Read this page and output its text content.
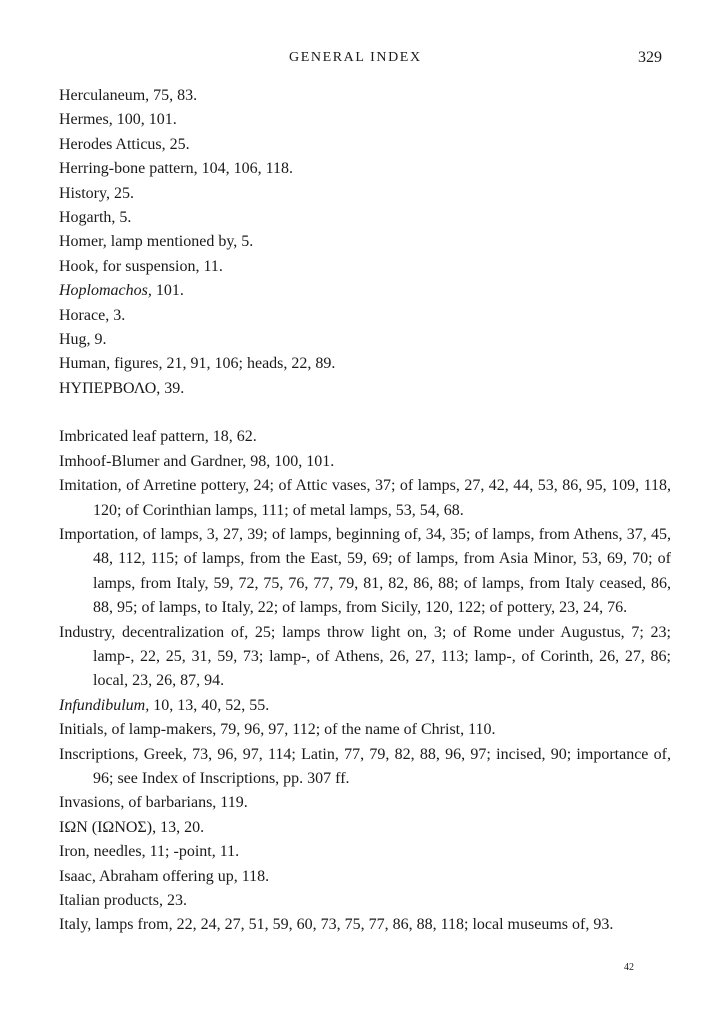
GENERAL INDEX	329

Herculaneum, 75, 83.

Hermes, 100, 101.

Herodes Atticus, 25.

Herring-bone pattern, 104, 106, 118.

History, 25.

Hogarth, 5.

Homer, lamp mentioned by, 5.

Hook, for suspension, 11.

Hoplomachos, 101.

Horace, 3.

Hug, 9.

Human, figures, 21, 91, 106; heads, 22, 89.

ΗΥΠΕΡΒΟΛΟ, 39.

Imbricated leaf pattern, 18, 62.

Imhoof-Blumer and Gardner, 98, 100, 101.

Imitation, of Arretine pottery, 24; of Attic vases, 37; of lamps, 27, 42, 44, 53, 86, 95, 109, 118, 120; of Corinthian lamps, 111; of metal lamps, 53, 54, 68.

Importation, of lamps, 3, 27, 39; of lamps, beginning of, 34, 35; of lamps, from Athens, 37, 45, 48, 112, 115; of lamps, from the East, 59, 69; of lamps, from Asia Minor, 53, 69, 70; of lamps, from Italy, 59, 72, 75, 76, 77, 79, 81, 82, 86, 88; of lamps, from Italy ceased, 86, 88, 95; of lamps, to Italy, 22; of lamps, from Sicily, 120, 122; of pottery, 23, 24, 76.

Industry, decentralization of, 25; lamps throw light on, 3; of Rome under Augustus, 7; 23; lamp-, 22, 25, 31, 59, 73; lamp-, of Athens, 26, 27, 113; lamp-, of Corinth, 26, 27, 86; local, 23, 26, 87, 94.

Infundibulum, 10, 13, 40, 52, 55.

Initials, of lamp-makers, 79, 96, 97, 112; of the name of Christ, 110.

Inscriptions, Greek, 73, 96, 97, 114; Latin, 77, 79, 82, 88, 96, 97; incised, 90; importance of, 96; see Index of Inscriptions, pp. 307 ff.

Invasions, of barbarians, 119.

ΙΩΝ (ΙΩΝΟΣ), 13, 20.

Iron, needles, 11; -point, 11.

Isaac, Abraham offering up, 118.

Italian products, 23.

Italy, lamps from, 22, 24, 27, 51, 59, 60, 73, 75, 77, 86, 88, 118; local museums of, 93.

42
